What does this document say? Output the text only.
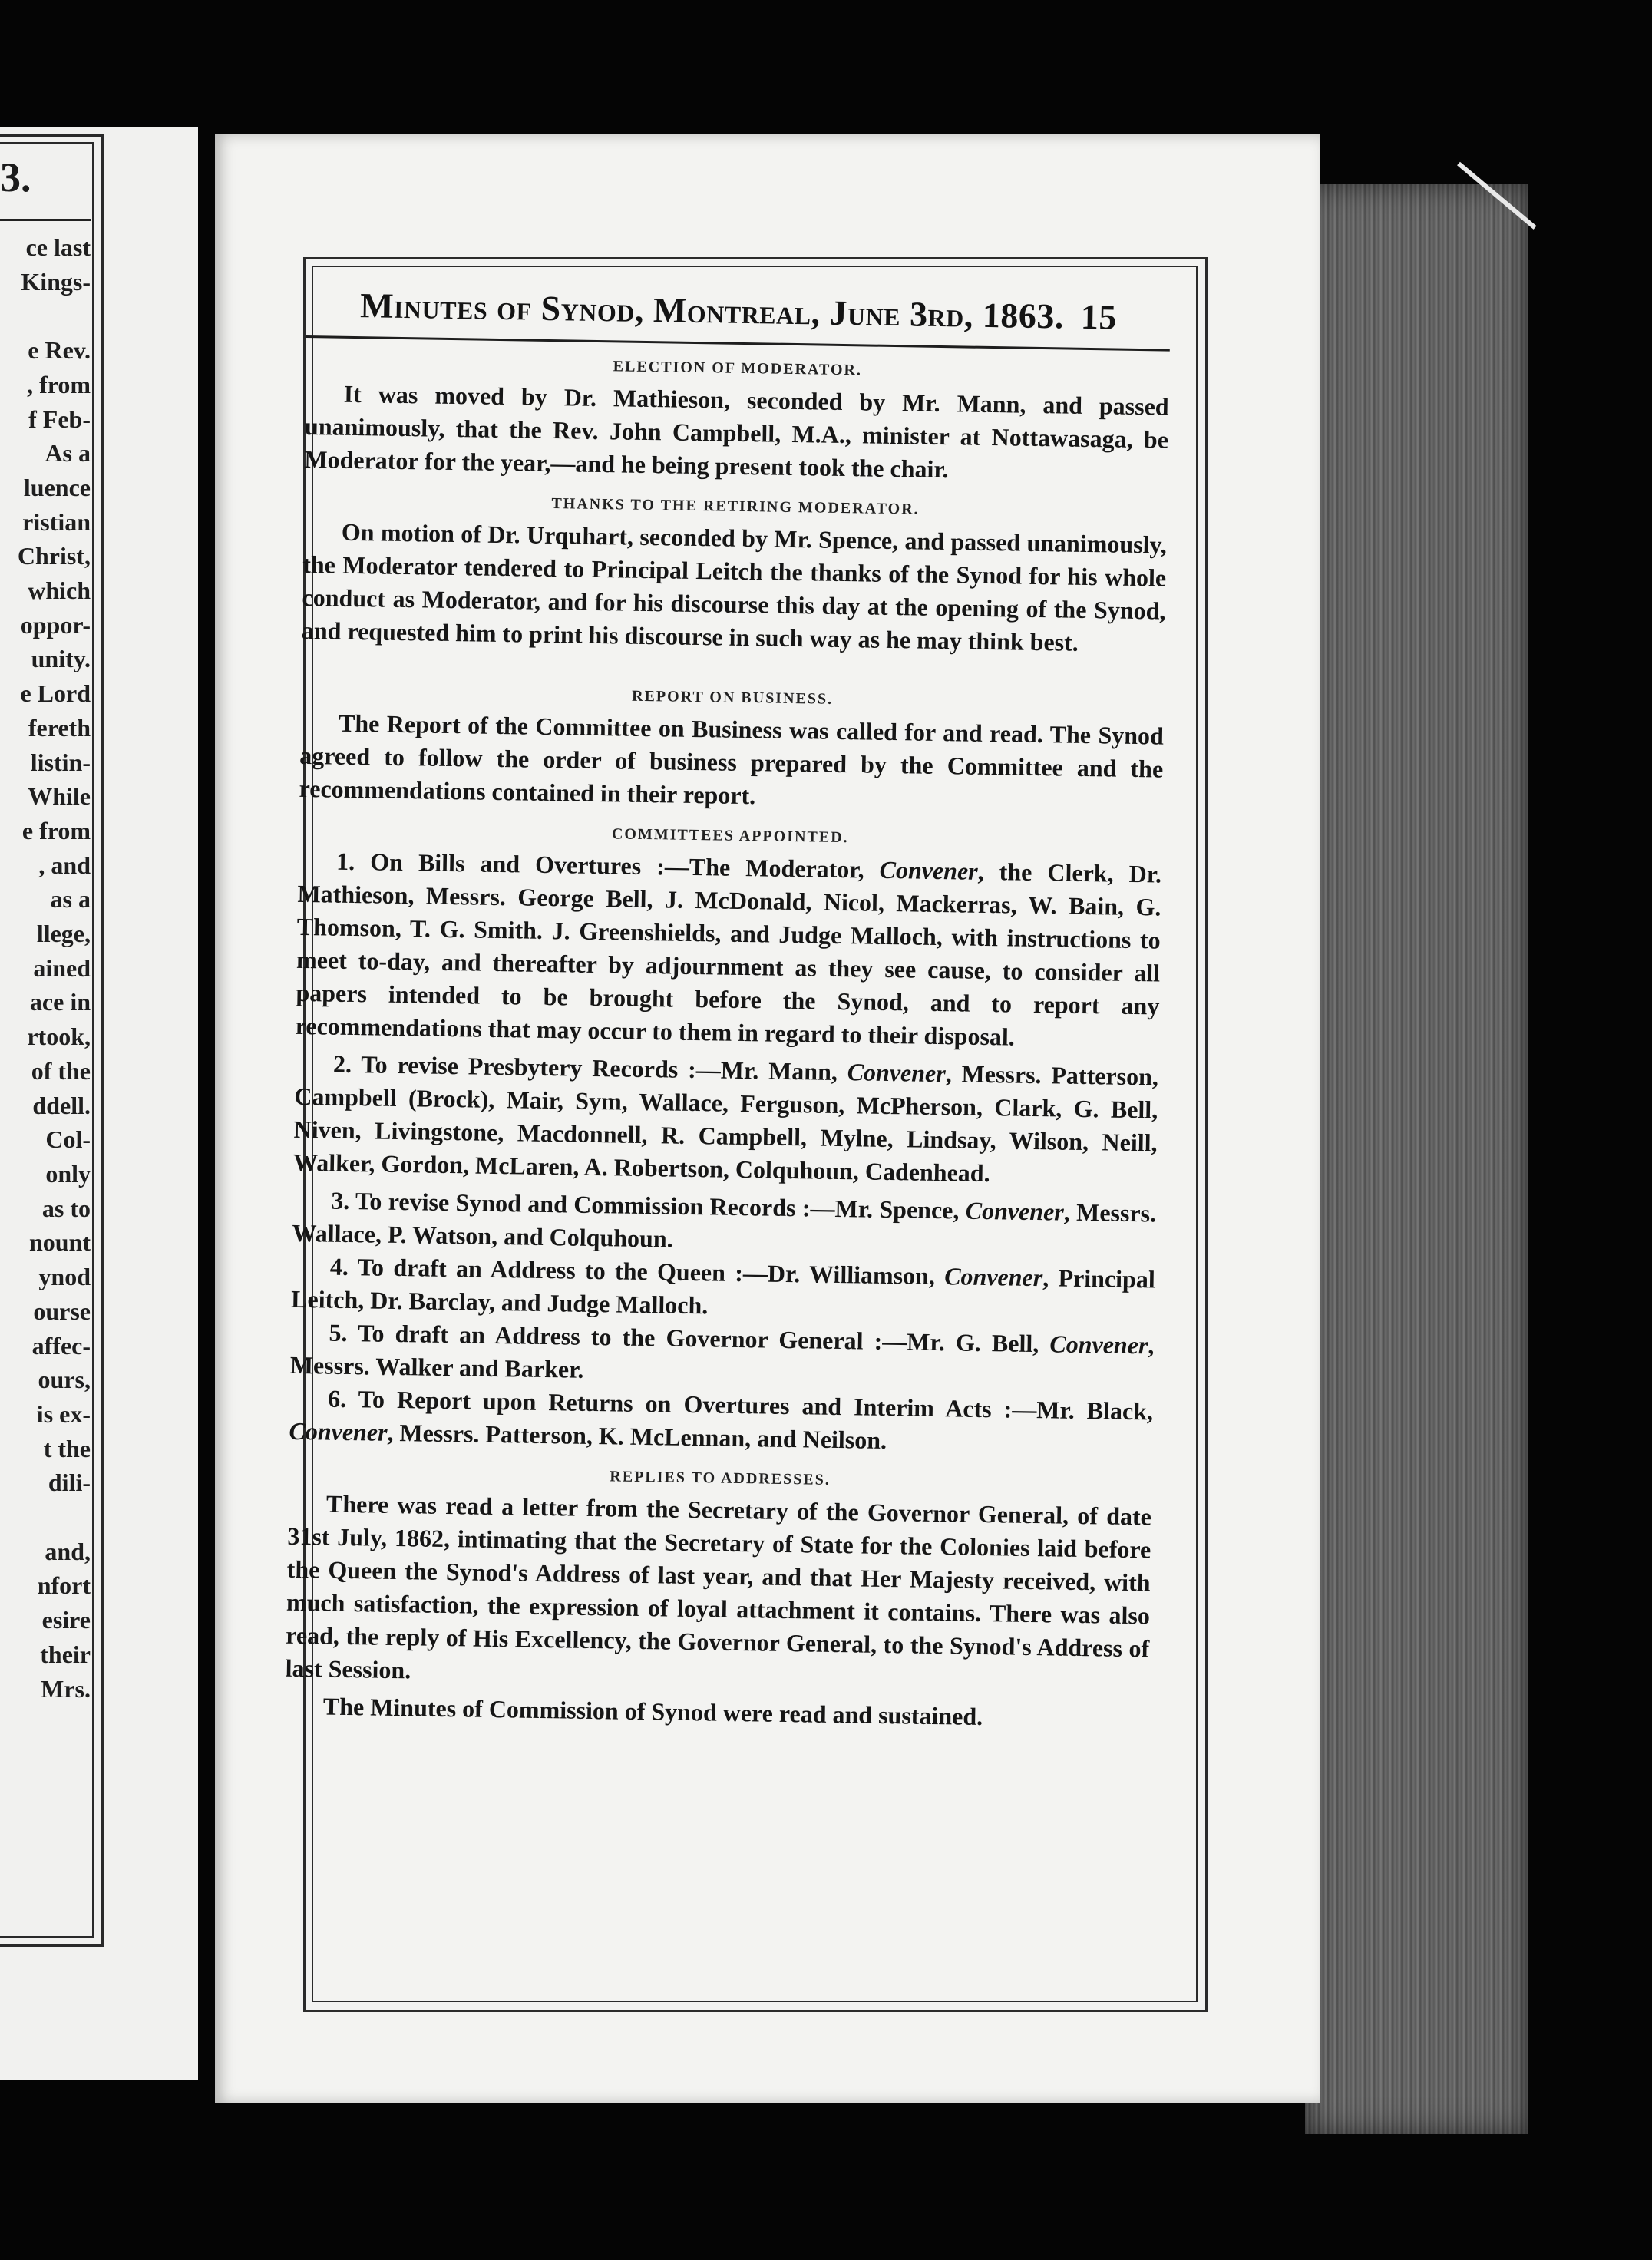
3.
ce last
Kings-

e Rev.
, from
f Feb-
As a
luence
ristian
Christ,
which
oppor-
unity.
e Lord
fereth
listin-
While
e from
, and
as a
llege,
ained
ace in
rtook,
of the
ddell.
Col-
only
as to
nount
ynod
ourse
affec-
ours,
is ex-
t the
dili-

and,
nfort
esire
their
Mrs.
Minutes of Synod, Montreal, June 3rd, 1863. 15
ELECTION OF MODERATOR.

It was moved by Dr. Mathieson, seconded by Mr. Mann, and passed unanimously, that the Rev. John Campbell, M.A., minister at Nottawasaga, be Moderator for the year,—and he being present took the chair.

THANKS TO THE RETIRING MODERATOR.

On motion of Dr. Urquhart, seconded by Mr. Spence, and passed unanimously, the Moderator tendered to Principal Leitch the thanks of the Synod for his whole conduct as Moderator, and for his discourse this day at the opening of the Synod, and requested him to print his discourse in such way as he may think best.

REPORT ON BUSINESS.

The Report of the Committee on Business was called for and read. The Synod agreed to follow the order of business prepared by the Committee and the recommendations contained in their report.

COMMITTEES APPOINTED.

1. On Bills and Overtures :—The Moderator, Convener, the Clerk, Dr. Mathieson, Messrs. George Bell, J. McDonald, Nicol, Mackerras, W. Bain, G. Thomson, T. G. Smith. J. Greenshields, and Judge Malloch, with instructions to meet to-day, and thereafter by adjournment as they see cause, to consider all papers intended to be brought before the Synod, and to report any recommendations that may occur to them in regard to their disposal.

2. To revise Presbytery Records :—Mr. Mann, Convener, Messrs. Patterson, Campbell (Brock), Mair, Sym, Wallace, Ferguson, McPherson, Clark, G. Bell, Niven, Livingstone, Macdonnell, R. Campbell, Mylne, Lindsay, Wilson, Neill, Walker, Gordon, McLaren, A. Robertson, Colquhoun, Cadenhead.

3. To revise Synod and Commission Records :—Mr. Spence, Convener, Messrs. Wallace, P. Watson, and Colquhoun.

4. To draft an Address to the Queen :—Dr. Williamson, Convener, Principal Leitch, Dr. Barclay, and Judge Malloch.

5. To draft an Address to the Governor General :—Mr. G. Bell, Convener, Messrs. Walker and Barker.

6. To Report upon Returns on Overtures and Interim Acts :—Mr. Black, Convener, Messrs. Patterson, K. McLennan, and Neilson.

REPLIES TO ADDRESSES.

There was read a letter from the Secretary of the Governor General, of date 31st July, 1862, intimating that the Secretary of State for the Colonies laid before the Queen the Synod's Address of last year, and that Her Majesty received, with much satisfaction, the expression of loyal attachment it contains. There was also read, the reply of His Excellency, the Governor General, to the Synod's Address of last Session.

The Minutes of Commission of Synod were read and sustained.
